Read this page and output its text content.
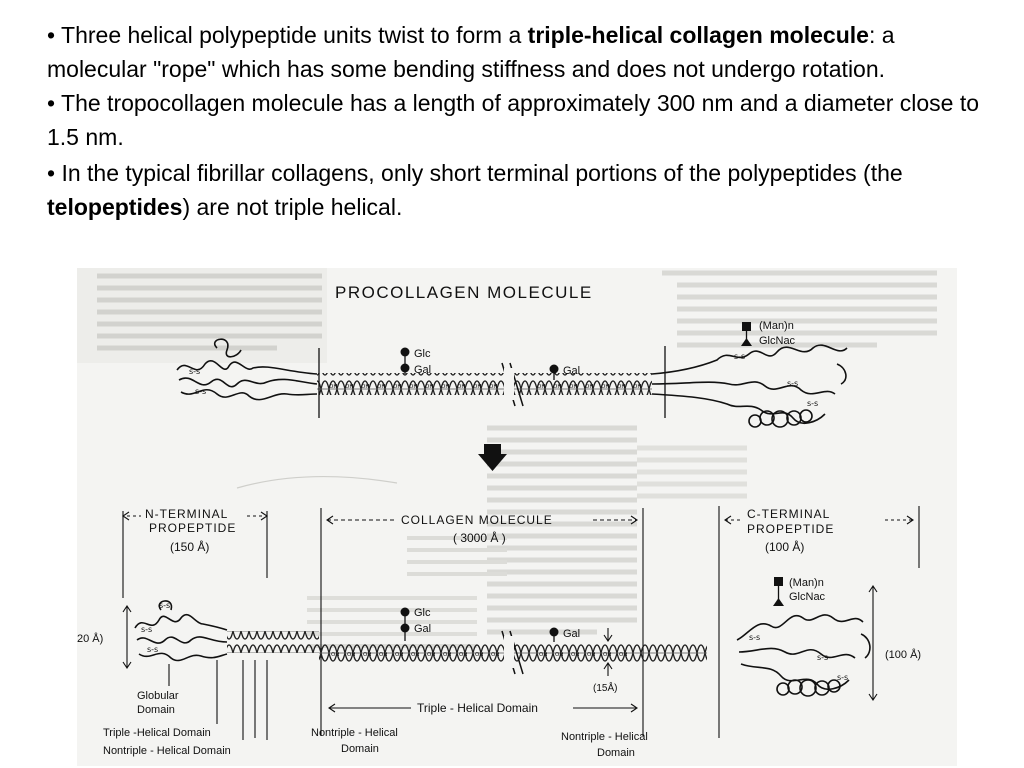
• Three helical polypeptide units twist to form a triple-helical collagen molecule: a molecular "rope" which has some bending stiffness and does not undergo rotation.

• The tropocollagen molecule has a length of approximately 300 nm and a diameter close to 1.5 nm.

• In the typical fibrillar collagens, only short terminal portions of the polypeptides (the telopeptides) are not triple helical.

PROCOLLAGEN MOLECULE
s-s
s-s
Glc
Gal	Gal
s-s
s-s
s-s
(Man)n
GlcNac
N-TERMINAL
PROPEPTIDE
(150 Å)
20 Å)
s-s
s-s
s-s
Globular
Domain
Triple -Helical Domain
Nontriple - Helical Domain
COLLAGEN MOLECULE
( 3000 Å )
Glc
Gal	Gal
(15Å)
Triple - Helical Domain
Nontriple - Helical
Domain
Nontriple - Helical
Domain
C-TERMINAL
PROPEPTIDE
(100 Å)
(Man)n
GlcNac
s-s
s-s
s-s
(100 Å)
OH OH OH OH OH OH OH OH OH OH OH	OH OH OH OH OH OH OH
OH OH OH OH OH OH OH OH OH OH OH	OH OH OH OH OH OH
